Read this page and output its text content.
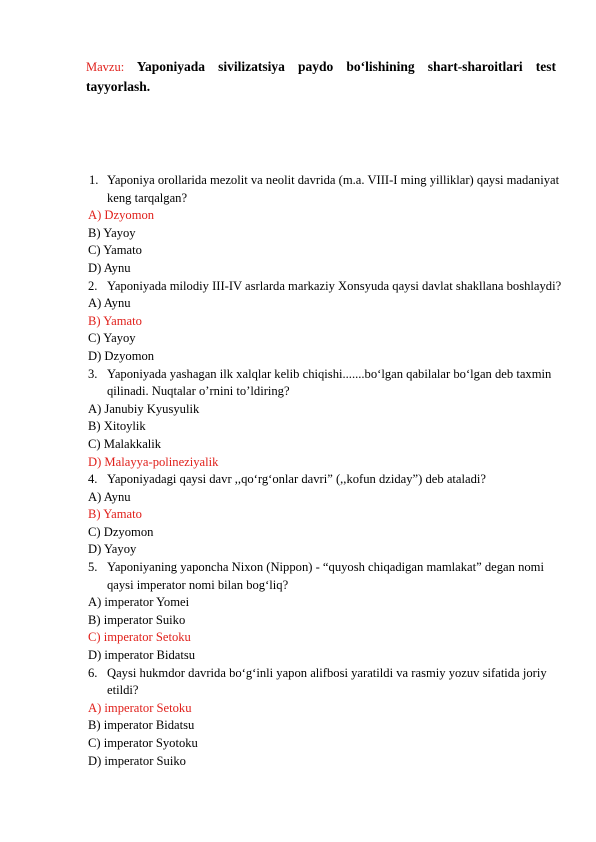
Mavzu: Yaponiyada sivilizatsiya paydo bo‘lishining shart-sharoitlari test tayyorlash.
1. Yaponiya orollarida mezolit va neolit davrida (m.a. VIII-I ming yilliklar) qaysi madaniyat keng tarqalgan?
A) Dzyomon
B) Yayoy
C) Yamato
D) Aynu
2. Yaponiyada milodiy III-IV asrlarda markaziy Xonsyuda qaysi davlat shakllana boshlaydi?
A) Aynu
B) Yamato
C) Yayoy
D) Dzyomon
3. Yaponiyada yashagan ilk xalqlar kelib chiqishi.......bo‘lgan qabilalar bo‘lgan deb taxmin qilinadi. Nuqtalar o’rnini to’ldiring?
A) Janubiy Kyusyulik
B) Xitoylik
C) Malakkalik
D) Malayya-polineziyalik
4. Yaponiyadagi qaysi davr ,,qo‘rg‘onlar davri” (,,kofun dziday”) deb ataladi?
A) Aynu
B) Yamato
C) Dzyomon
D) Yayoy
5. Yaponiyaning yaponcha Nixon (Nippon) - “quyosh chiqadigan mamlakat” degan nomi qaysi imperator nomi bilan bog‘liq?
A) imperator Yomei
B) imperator Suiko
C) imperator Setoku
D) imperator Bidatsu
6. Qaysi hukmdor davrida bo‘g‘inli yapon alifbosi yaratildi va rasmiy yozuv sifatida joriy etildi?
A) imperator Setoku
B) imperator Bidatsu
C) imperator Syotoku
D) imperator Suiko
